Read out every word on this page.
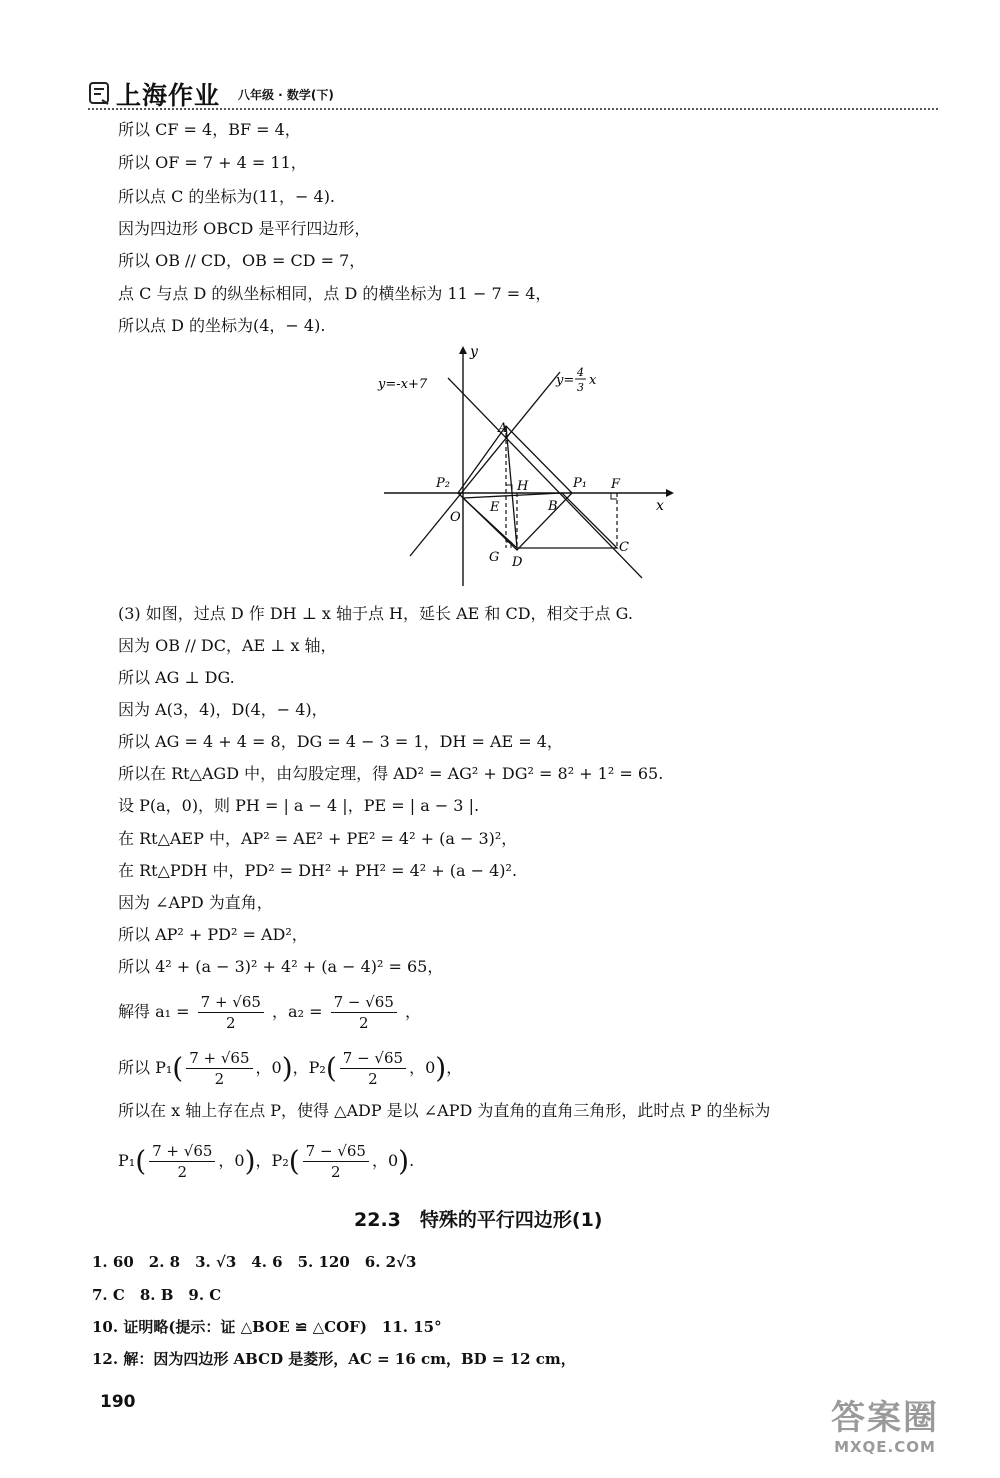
上海作业 八年级 · 数学(下)
所以 CF = 4，BF = 4，
所以 OF = 7 + 4 = 11，
所以点 C 的坐标为(11，− 4).
因为四边形 OBCD 是平行四边形，
所以 OB // CD，OB = CD = 7，
点 C 与点 D 的纵坐标相同，点 D 的横坐标为 11 − 7 = 4，
所以点 D 的坐标为(4，− 4).
y=-x+7	y=
4
3 x
y
x
A
P₂	H	P₁ F
E	B
O
G D
C
(3) 如图，过点 D 作 DH ⊥ x 轴于点 H，延长 AE 和 CD，相交于点 G.
因为 OB // DC，AE ⊥ x 轴，
所以 AG ⊥ DG.
因为 A(3，4)，D(4，− 4)，
所以 AG = 4 + 4 = 8，DG = 4 − 3 = 1，DH = AE = 4，
所以在 Rt△AGD 中，由勾股定理，得 AD² = AG² + DG² = 8² + 1² = 65.
设 P(a，0)，则 PH = | a − 4 |，PE = | a − 3 |.
在 Rt△AEP 中，AP² = AE² + PE² = 4² + (a − 3)²，
在 Rt△PDH 中，PD² = DH² + PH² = 4² + (a − 4)².
因为 ∠APD 为直角，
所以 AP² + PD² = AD²，
所以 4² + (a − 3)² + 4² + (a − 4)² = 65，
解得 $a_1 = \frac{7 + √65}{2}$ ，$a_2 = \frac{7 - √65}{2}$ ，
所以 $P_1( \frac{7 + √65}{2}$ ，0)，$P_2( \frac{7 - √65}{2}$ ，0)，
所以在 x 轴上存在点 P，使得 △ADP 是以 ∠APD 为直角的直角三角形，此时点 P 的坐标为
$P_1( \frac{7 + √65}{2}$ ，0)，$P_2( \frac{7 - √65}{2}$ ，0).
22.3　特殊的平行四边形(1)
1. 60　2. 8　3. √3　4. 6　5. 120　6. 2√3
7. C　8. B　9. C
10. 证明略(提示：证 △BOE ≌ △COF)　11. 15°
12. 解：因为四边形 ABCD 是菱形，AC = 16 cm，BD = 12 cm，
190	答案圈
MXQE.COM
